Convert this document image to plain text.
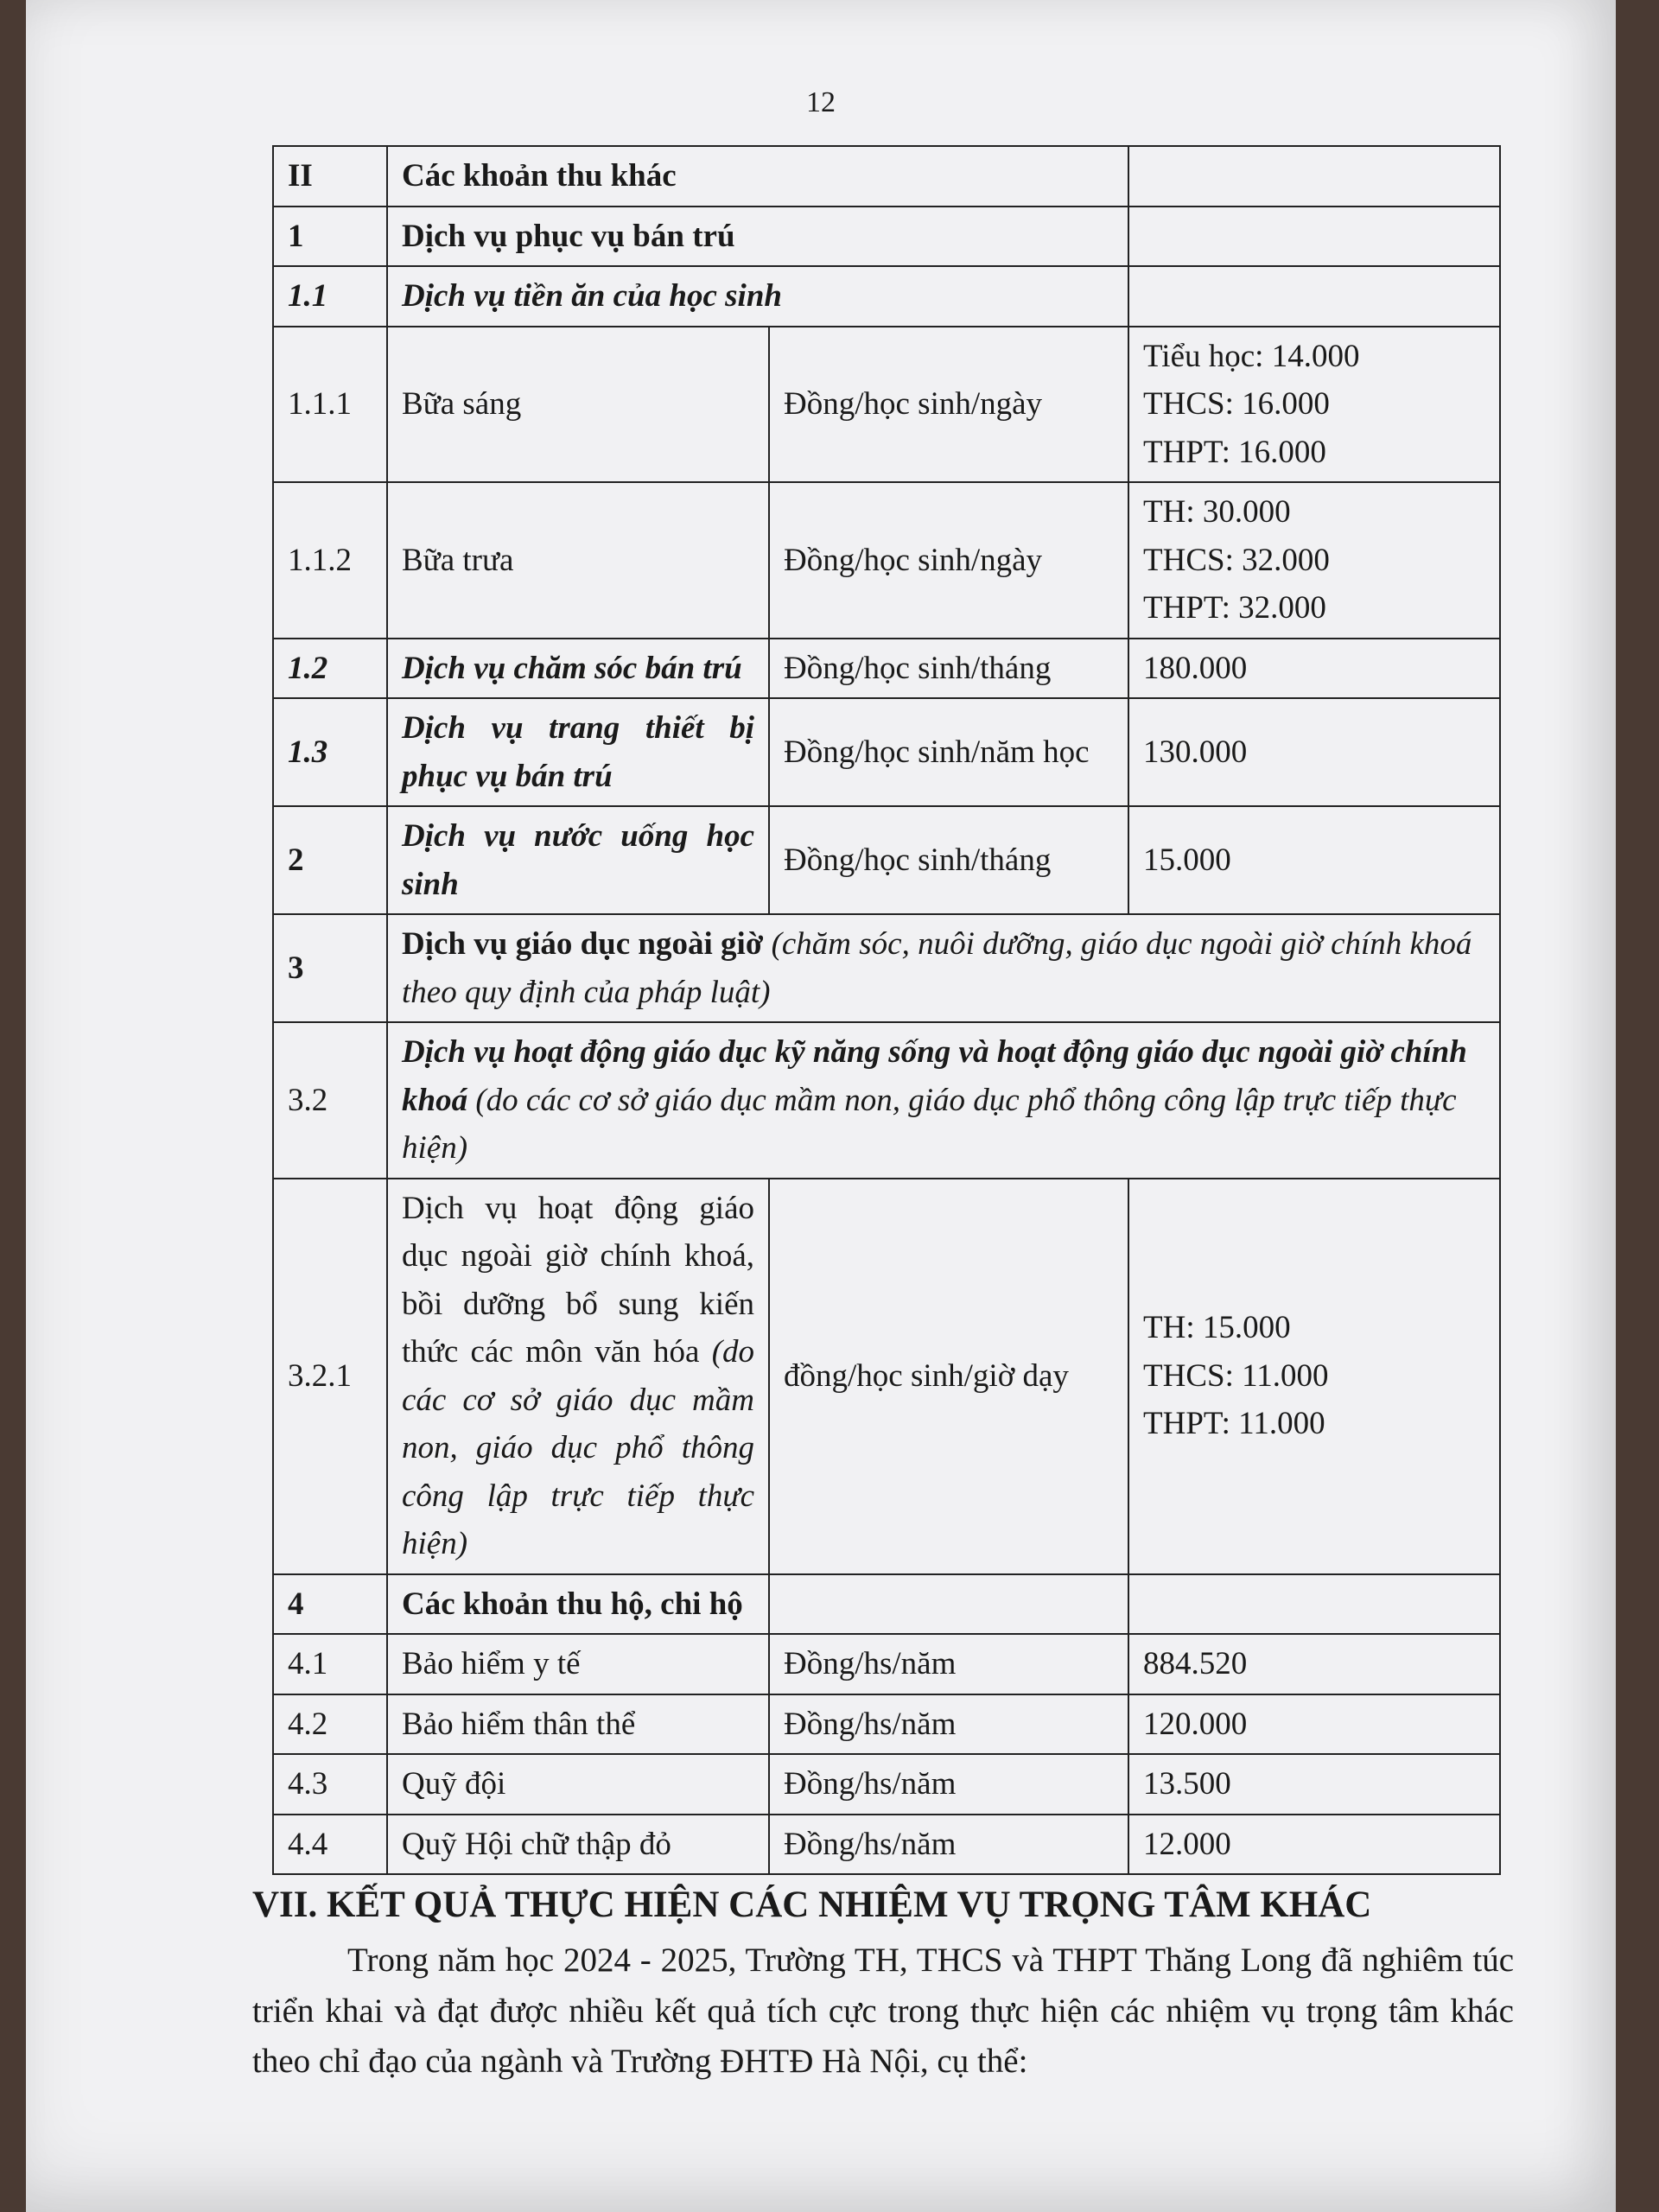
12
II	Các khoản thu khác		
1	Dịch vụ phục vụ bán trú		
1.1	Dịch vụ tiền ăn của học sinh		
1.1.1	Bữa sáng	Đồng/học sinh/ngày	Tiểu học: 14.000
THCS: 16.000
THPT: 16.000

1.1.2	Bữa trưa	Đồng/học sinh/ngày	TH: 30.000
THCS: 32.000
THPT: 32.000

1.2	Dịch vụ chăm sóc bán trú	Đồng/học sinh/tháng	180.000
1.3	Dịch vụ trang thiết bị phục vụ bán trú	Đồng/học sinh/năm học	130.000
2	Dịch vụ nước uống học sinh	Đồng/học sinh/tháng	15.000
3	Dịch vụ giáo dục ngoài giờ (chăm sóc, nuôi dưỡng, giáo dục ngoài giờ chính khoá theo quy định của pháp luật)		
3.2	Dịch vụ hoạt động giáo dục kỹ năng sống và hoạt động giáo dục ngoài giờ chính khoá (do các cơ sở giáo dục mầm non, giáo dục phổ thông công lập trực tiếp thực hiện)		
3.2.1	Dịch vụ hoạt động giáo dục ngoài giờ chính khoá, bồi dưỡng bổ sung kiến thức các môn văn hóa (do các cơ sở giáo dục mầm non, giáo dục phổ thông công lập trực tiếp thực hiện)	đồng/học sinh/giờ dạy	TH: 15.000
THCS: 11.000
THPT: 11.000

4	Các khoản thu hộ, chi hộ		
4.1	Bảo hiểm y tế	Đồng/hs/năm	884.520
4.2	Bảo hiểm thân thể	Đồng/hs/năm	120.000
4.3	Quỹ đội	Đồng/hs/năm	13.500
4.4	Quỹ Hội chữ thập đỏ	Đồng/hs/năm	12.000
VII. KẾT QUẢ THỰC HIỆN CÁC NHIỆM VỤ TRỌNG TÂM KHÁC
Trong năm học 2024 - 2025, Trường TH, THCS và THPT Thăng Long đã nghiêm túc triển khai và đạt được nhiều kết quả tích cực trong thực hiện các nhiệm vụ trọng tâm khác theo chỉ đạo của ngành và Trường ĐHTĐ Hà Nội, cụ thể:
